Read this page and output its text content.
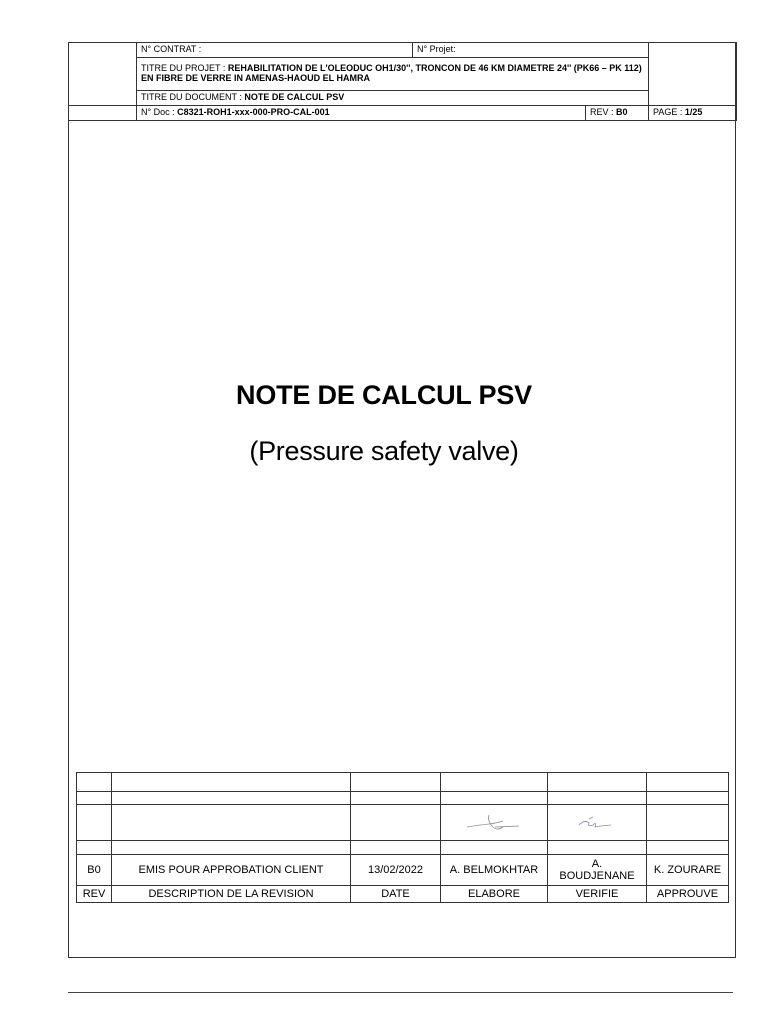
	N° CONTRAT :	N° Projet:		
	TITRE DU PROJET : REHABILITATION DE L'OLEODUC OH1/30'', TRONCON DE 46 KM DIAMETRE 24'' (PK66 – PK 112) EN FIBRE DE VERRE IN AMENAS-HAOUD EL HAMRA			
	TITRE DU DOCUMENT : NOTE DE CALCUL PSV			
	N° Doc : C8321-ROH1-xxx-000-PRO-CAL-001		REV : B0	PAGE : 1/25
NOTE DE CALCUL PSV
(Pressure safety valve)

B0	EMIS POUR APPROBATION CLIENT	13/02/2022	A. BELMOKHTAR	A. BOUDJENANE	K. ZOURARE
REV	DESCRIPTION DE LA REVISION	DATE	ELABORE	VERIFIE	APPROUVE
